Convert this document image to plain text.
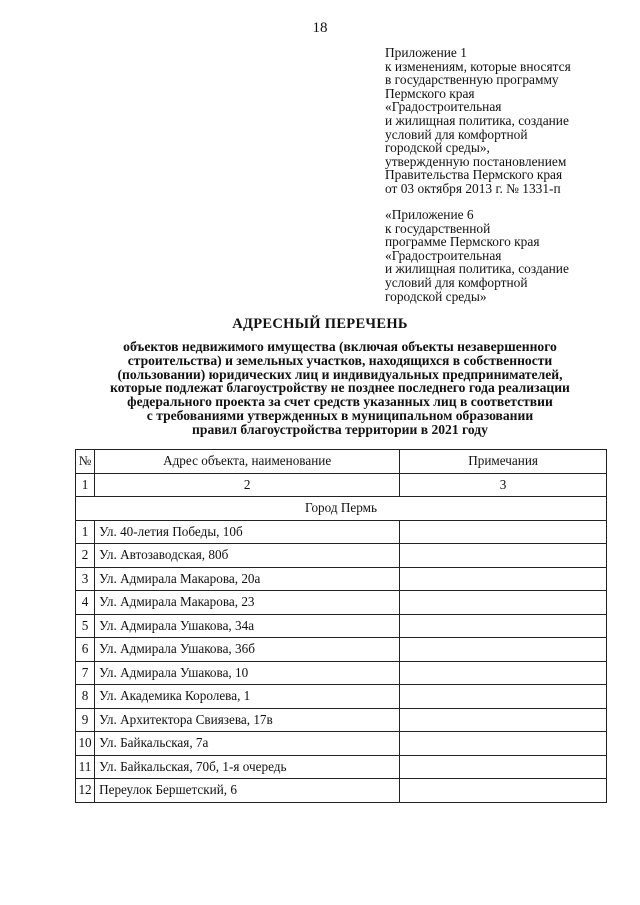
18
Приложение 1
к изменениям, которые вносятся
в государственную программу
Пермского края
«Градостроительная
и жилищная политика, создание
условий для комфортной
городской среды»,
утвержденную постановлением
Правительства Пермского края
от 03 октября 2013 г. № 1331-п
«Приложение 6
к государственной
программе Пермского края
«Градостроительная
и жилищная политика, создание
условий для комфортной
городской среды»
АДРЕСНЫЙ ПЕРЕЧЕНЬ
объектов недвижимого имущества (включая объекты незавершенного
строительства) и земельных участков, находящихся в собственности
(пользовании) юридических лиц и индивидуальных предпринимателей,
которые подлежат благоустройству не позднее последнего года реализации
федерального проекта за счет средств указанных лиц в соответствии
с требованиями утвержденных в муниципальном образовании
правил благоустройства территории в 2021 году
№	Адрес объекта, наименование	Примечания
1	2	3
Город Пермь		
1	Ул. 40-летия Победы, 10б	
2	Ул. Автозаводская, 80б	
3	Ул. Адмирала Макарова, 20а	
4	Ул. Адмирала Макарова, 23	
5	Ул. Адмирала Ушакова, 34а	
6	Ул. Адмирала Ушакова, 36б	
7	Ул. Адмирала Ушакова, 10	
8	Ул. Академика Королева, 1	
9	Ул. Архитектора Свиязева, 17в	
10	Ул. Байкальская, 7а	
11	Ул. Байкальская, 70б, 1-я очередь	
12	Переулок Бершетский, 6	
